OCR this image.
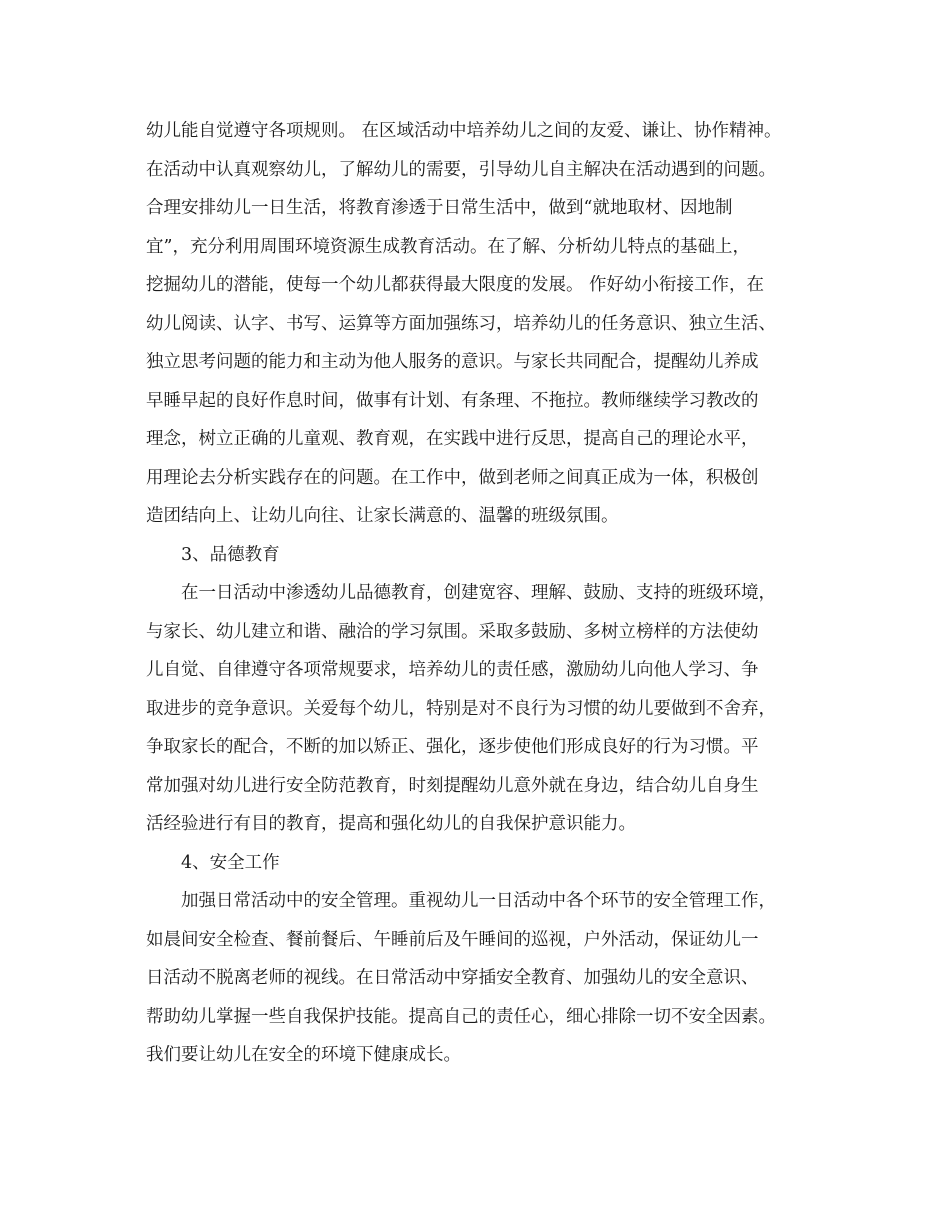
幼儿能自觉遵守各项规则。 在区域活动中培养幼儿之间的友爱、谦让、协作精神。
在活动中认真观察幼儿，了解幼儿的需要，引导幼儿自主解决在活动遇到的问题。
合理安排幼儿一日生活，将教育渗透于日常生活中，做到“就地取材、因地制
宜”，充分利用周围环境资源生成教育活动。在了解、分析幼儿特点的基础上，
挖掘幼儿的潜能，使每一个幼儿都获得最大限度的发展。 作好幼小衔接工作，在
幼儿阅读、认字、书写、运算等方面加强练习，培养幼儿的任务意识、独立生活、
独立思考问题的能力和主动为他人服务的意识。与家长共同配合，提醒幼儿养成
早睡早起的良好作息时间，做事有计划、有条理、不拖拉。教师继续学习教改的
理念，树立正确的儿童观、教育观，在实践中进行反思，提高自己的理论水平，
用理论去分析实践存在的问题。在工作中，做到老师之间真正成为一体，积极创
造团结向上、让幼儿向往、让家长满意的、温馨的班级氛围。
3、品德教育
在一日活动中渗透幼儿品德教育，创建宽容、理解、鼓励、支持的班级环境，
与家长、幼儿建立和谐、融洽的学习氛围。采取多鼓励、多树立榜样的方法使幼
儿自觉、自律遵守各项常规要求，培养幼儿的责任感，激励幼儿向他人学习、争
取进步的竞争意识。关爱每个幼儿，特别是对不良行为习惯的幼儿要做到不舍弃，
争取家长的配合，不断的加以矫正、强化，逐步使他们形成良好的行为习惯。平
常加强对幼儿进行安全防范教育，时刻提醒幼儿意外就在身边，结合幼儿自身生
活经验进行有目的教育，提高和强化幼儿的自我保护意识能力。
4、安全工作
加强日常活动中的安全管理。重视幼儿一日活动中各个环节的安全管理工作，
如晨间安全检查、餐前餐后、午睡前后及午睡间的巡视，户外活动，保证幼儿一
日活动不脱离老师的视线。在日常活动中穿插安全教育、加强幼儿的安全意识、
帮助幼儿掌握一些自我保护技能。提高自己的责任心，细心排除一切不安全因素。
我们要让幼儿在安全的环境下健康成长。
